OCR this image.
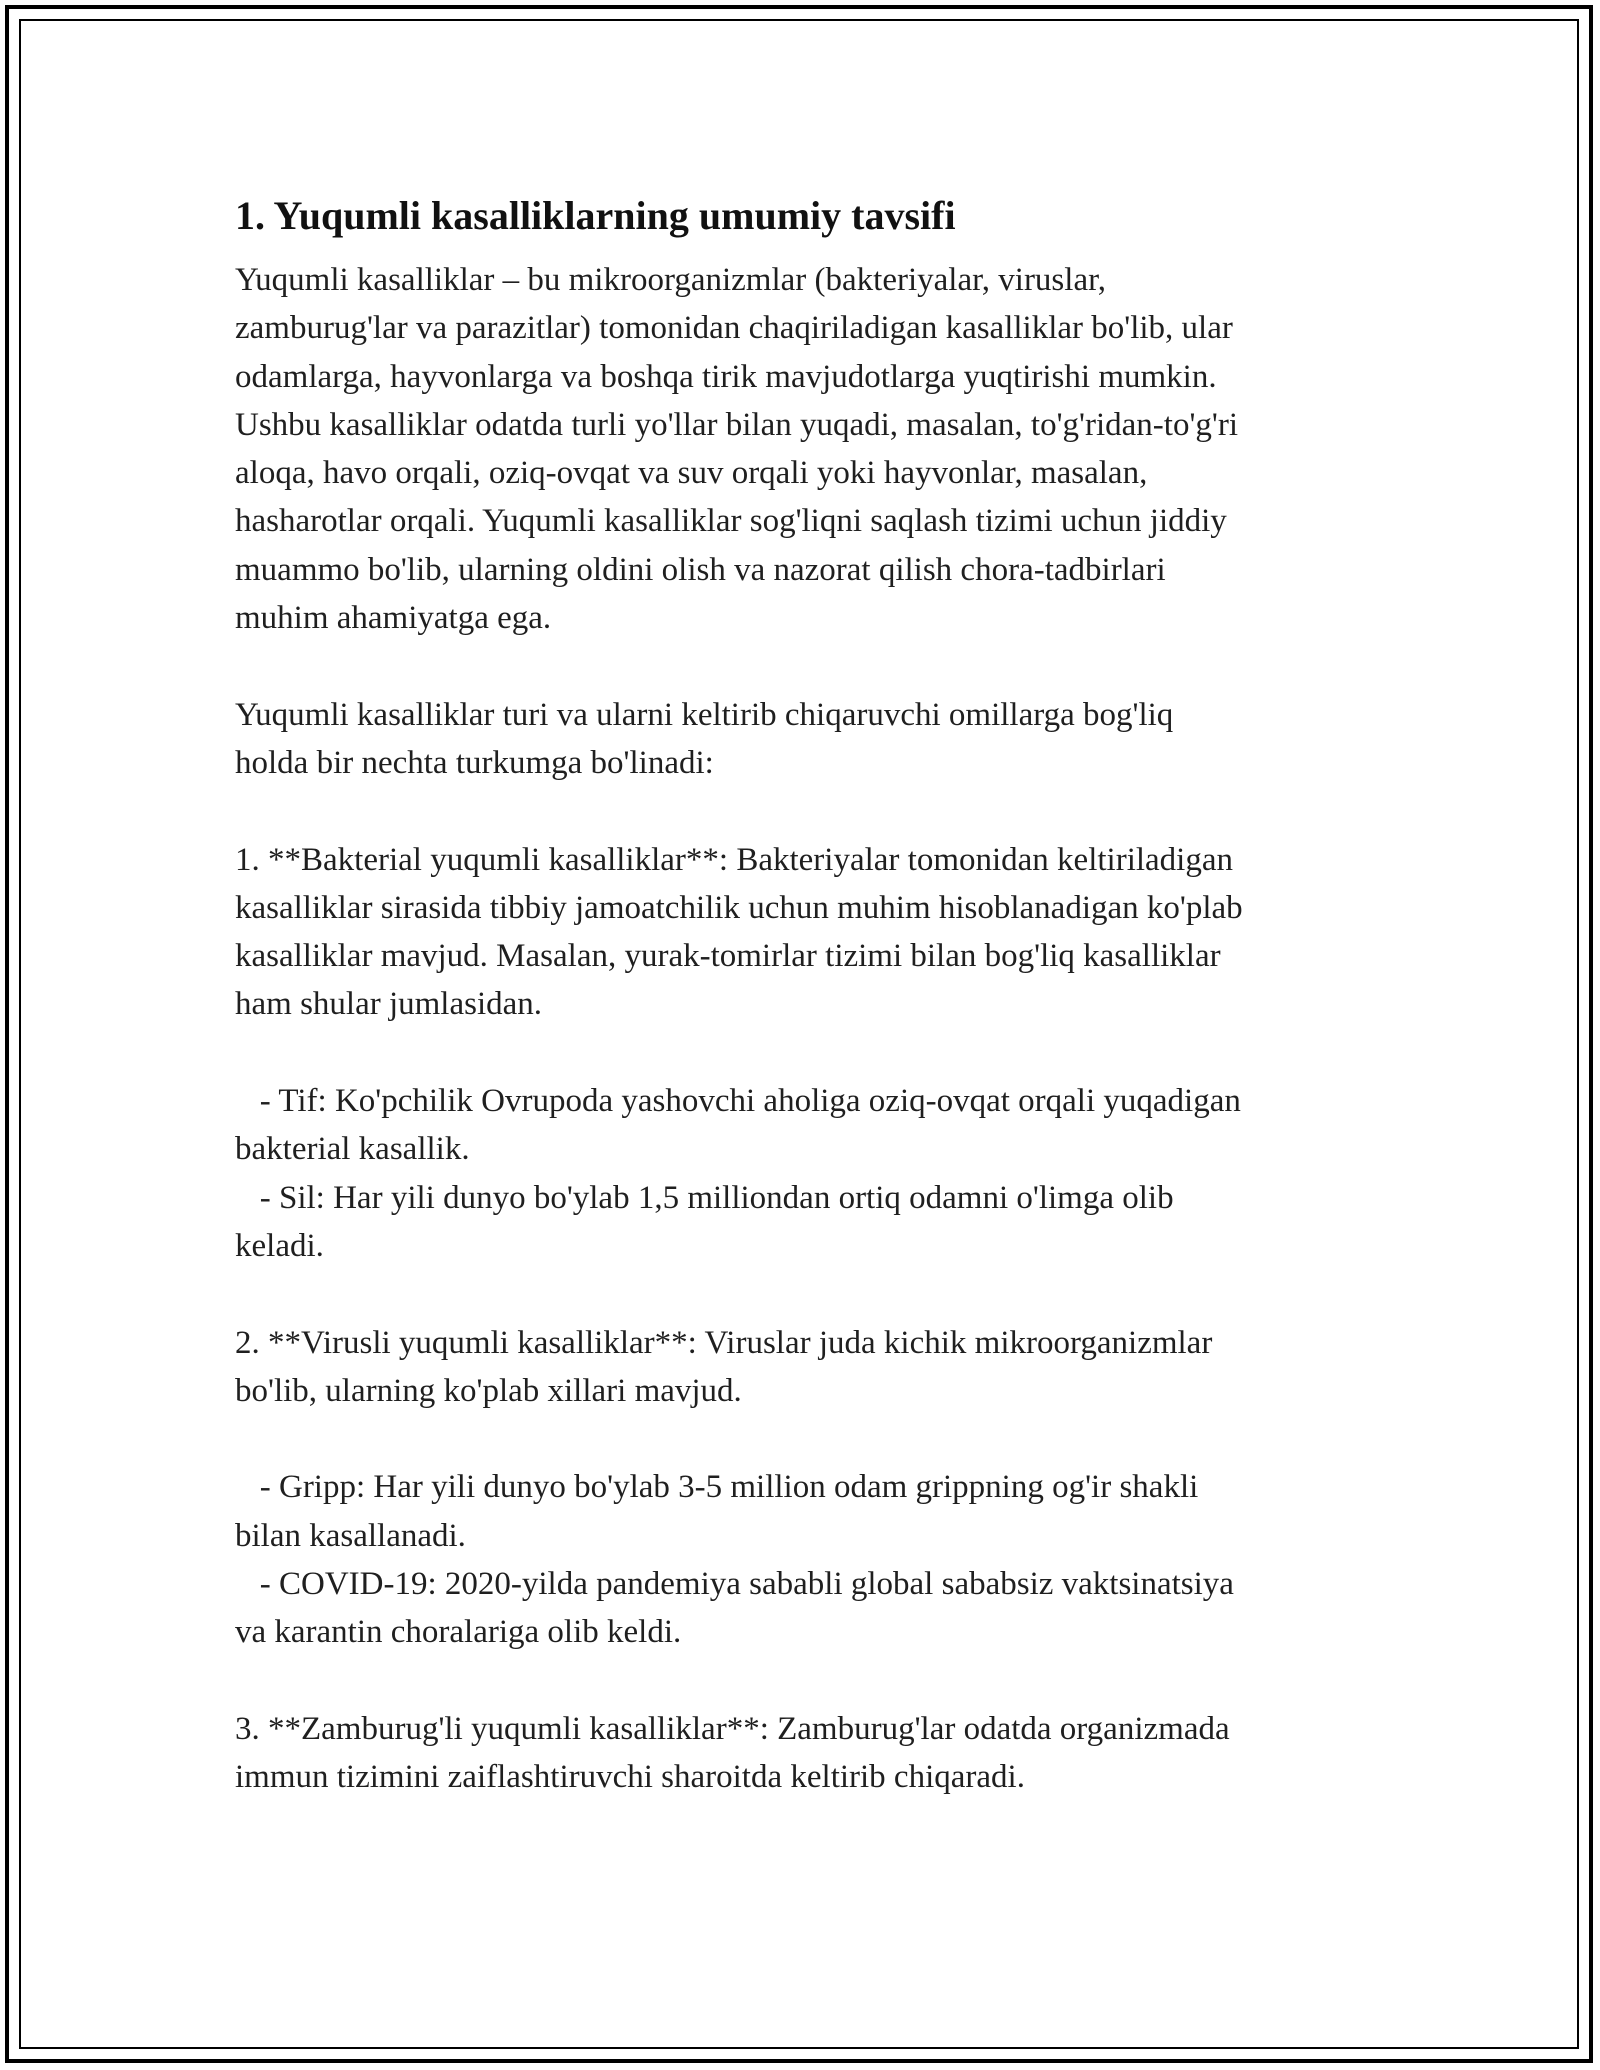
1. Yuqumli kasalliklarning umumiy tavsifi

Yuqumli kasalliklar – bu mikroorganizmlar (bakteriyalar, viruslar,
zamburug'lar va parazitlar) tomonidan chaqiriladigan kasalliklar bo'lib, ular
odamlarga, hayvonlarga va boshqa tirik mavjudotlarga yuqtirishi mumkin.
Ushbu kasalliklar odatda turli yo'llar bilan yuqadi, masalan, to'g'ridan-to'g'ri
aloqa, havo orqali, oziq-ovqat va suv orqali yoki hayvonlar, masalan,
hasharotlar orqali. Yuqumli kasalliklar sog'liqni saqlash tizimi uchun jiddiy
muammo bo'lib, ularning oldini olish va nazorat qilish chora-tadbirlari
muhim ahamiyatga ega.

Yuqumli kasalliklar turi va ularni keltirib chiqaruvchi omillarga bog'liq
holda bir nechta turkumga bo'linadi:

1. **Bakterial yuqumli kasalliklar**: Bakteriyalar tomonidan keltiriladigan
kasalliklar sirasida tibbiy jamoatchilik uchun muhim hisoblanadigan ko'plab
kasalliklar mavjud. Masalan, yurak-tomirlar tizimi bilan bog'liq kasalliklar
ham shular jumlasidan.

- Tif: Ko'pchilik Ovrupoda yashovchi aholiga oziq-ovqat orqali yuqadigan
bakterial kasallik.
- Sil: Har yili dunyo bo'ylab 1,5 milliondan ortiq odamni o'limga olib
keladi.

2. **Virusli yuqumli kasalliklar**: Viruslar juda kichik mikroorganizmlar
bo'lib, ularning ko'plab xillari mavjud.

- Gripp: Har yili dunyo bo'ylab 3-5 million odam grippning og'ir shakli
bilan kasallanadi.
- COVID-19: 2020-yilda pandemiya sababli global sababsiz vaktsinatsiya
va karantin choralariga olib keldi.

3. **Zamburug'li yuqumli kasalliklar**: Zamburug'lar odatda organizmada
immun tizimini zaiflashtiruvchi sharoitda keltirib chiqaradi.
